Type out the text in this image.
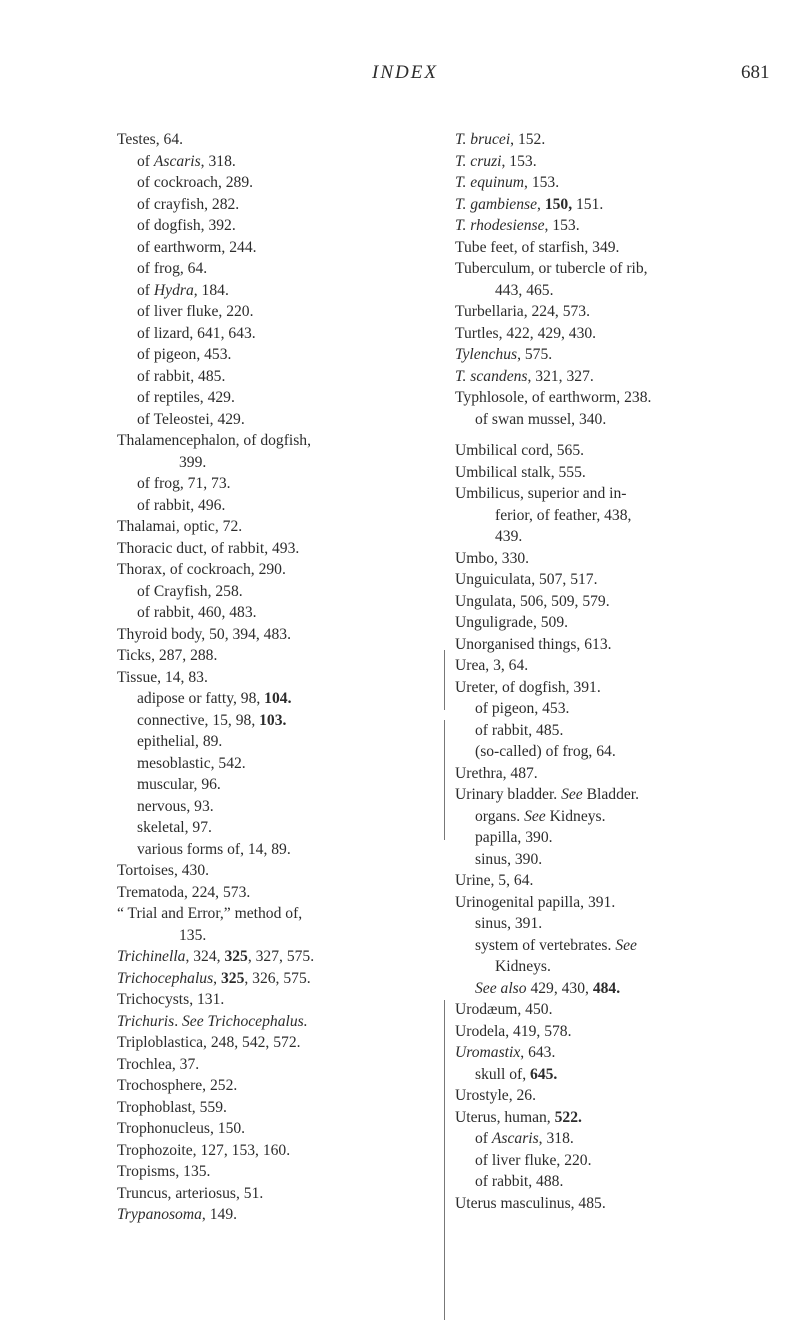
INDEX	681
Testes, 64.
of Ascaris, 318.
of cockroach, 289.
of crayfish, 282.
of dogfish, 392.
of earthworm, 244.
of frog, 64.
of Hydra, 184.
of liver fluke, 220.
of lizard, 641, 643.
of pigeon, 453.
of rabbit, 485.
of reptiles, 429.
of Teleostei, 429.
Thalamencephalon, of dogfish,
399.
of frog, 71, 73.
of rabbit, 496.
Thalamai, optic, 72.
Thoracic duct, of rabbit, 493.
Thorax, of cockroach, 290.
of Crayfish, 258.
of rabbit, 460, 483.
Thyroid body, 50, 394, 483.
Ticks, 287, 288.
Tissue, 14, 83.
adipose or fatty, 98, 104.
connective, 15, 98, 103.
epithelial, 89.
mesoblastic, 542.
muscular, 96.
nervous, 93.
skeletal, 97.
various forms of, 14, 89.
Tortoises, 430.
Trematoda, 224, 573.
“ Trial and Error,” method of,
135.
Trichinella, 324, 325, 327, 575.
Trichocephalus, 325, 326, 575.
Trichocysts, 131.
Trichuris. See Trichocephalus.
Triploblastica, 248, 542, 572.
Trochlea, 37.
Trochosphere, 252.
Trophoblast, 559.
Trophonucleus, 150.
Trophozoite, 127, 153, 160.
Tropisms, 135.
Truncus, arteriosus, 51.
Trypanosoma, 149.
T. brucei, 152.
T. cruzi, 153.
T. equinum, 153.
T. gambiense, 150, 151.
T. rhodesiense, 153.
Tube feet, of starfish, 349.
Tuberculum, or tubercle of rib,
443, 465.
Turbellaria, 224, 573.
Turtles, 422, 429, 430.
Tylenchus, 575.
T. scandens, 321, 327.
Typhlosole, of earthworm, 238.
of swan mussel, 340.
Umbilical cord, 565.
Umbilical stalk, 555.
Umbilicus, superior and in-
ferior, of feather, 438,
439.
Umbo, 330.
Unguiculata, 507, 517.
Ungulata, 506, 509, 579.
Unguligrade, 509.
Unorganised things, 613.
Urea, 3, 64.
Ureter, of dogfish, 391.
of pigeon, 453.
of rabbit, 485.
(so-called) of frog, 64.
Urethra, 487.
Urinary bladder. See Bladder.
organs. See Kidneys.
papilla, 390.
sinus, 390.
Urine, 5, 64.
Urinogenital papilla, 391.
sinus, 391.
system of vertebrates. See
Kidneys.
See also 429, 430, 484.
Urodæum, 450.
Urodela, 419, 578.
Uromastix, 643.
skull of, 645.
Urostyle, 26.
Uterus, human, 522.
of Ascaris, 318.
of liver fluke, 220.
of rabbit, 488.
Uterus masculinus, 485.
